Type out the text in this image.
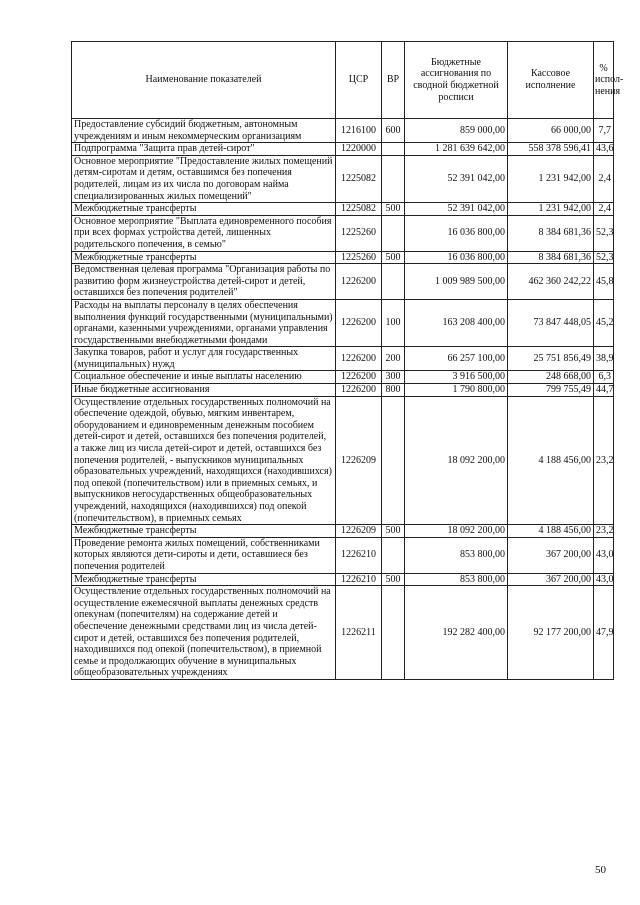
Наименование показателей	ЦСР	ВР	Бюджетные ассигнования по сводной бюджетной росписи	Кассовое исполнение	% испол-нения
Предоставление субсидий бюджетным, автономным учреждениям и иным некоммерческим организациям	1216100	600	859 000,00	66 000,00	7,7
Подпрограмма "Защита прав детей-сирот"	1220000		1 281 639 642,00	558 378 596,41	43,6
Основное мероприятие "Предоставление жилых помещений детям-сиротам и детям, оставшимся без попечения родителей, лицам из их числа по договорам найма специализированных жилых помещений"	1225082		52 391 042,00	1 231 942,00	2,4
Межбюджетные трансферты	1225082	500	52 391 042,00	1 231 942,00	2,4
Основное мероприятие "Выплата единовременного пособия при всех формах устройства детей, лишенных родительского попечения, в семью"	1225260		16 036 800,00	8 384 681,36	52,3
Межбюджетные трансферты	1225260	500	16 036 800,00	8 384 681,36	52,3
Ведомственная целевая программа "Организация работы по развитию форм жизнеустройства детей-сирот и детей, оставшихся без попечения родителей"	1226200		1 009 989 500,00	462 360 242,22	45,8
Расходы на выплаты персоналу в целях обеспечения выполнения функций государственными (муниципальными) органами, казенными учреждениями, органами управления государственными внебюджетными фондами	1226200	100	163 208 400,00	73 847 448,05	45,2
Закупка товаров, работ и услуг для государственных (муниципальных) нужд	1226200	200	66 257 100,00	25 751 856,49	38,9
Социальное обеспечение и иные выплаты населению	1226200	300	3 916 500,00	248 668,00	6,3
Иные бюджетные ассигнования	1226200	800	1 790 800,00	799 755,49	44,7
Осуществление отдельных государственных полномочий на обеспечение одеждой, обувью, мягким инвентарем, оборудованием и единовременным денежным пособием детей-сирот и детей, оставшихся без попечения родителей, а также лиц из числа детей-сирот и детей, оставшихся без попечения родителей, - выпускников муниципальных образовательных учреждений, находящихся (находившихся) под опекой (попечительством) или в приемных семьях, и выпускников негосударственных общеобразовательных учреждений, находящихся (находившихся) под опекой (попечительством), в приемных семьях	1226209		18 092 200,00	4 188 456,00	23,2
Межбюджетные трансферты	1226209	500	18 092 200,00	4 188 456,00	23,2
Проведение ремонта жилых помещений, собственниками которых являются дети-сироты и дети, оставшиеся без попечения родителей	1226210		853 800,00	367 200,00	43,0
Межбюджетные трансферты	1226210	500	853 800,00	367 200,00	43,0
Осуществление отдельных государственных полномочий на осуществление ежемесячной выплаты денежных средств опекунам (попечителям) на содержание детей и обеспечение денежными средствами лиц из числа детей-сирот и детей, оставшихся без попечения родителей, находившихся под опекой (попечительством), в приемной семье и продолжающих обучение в муниципальных общеобразовательных учреждениях	1226211		192 282 400,00	92 177 200,00	47,9
50
